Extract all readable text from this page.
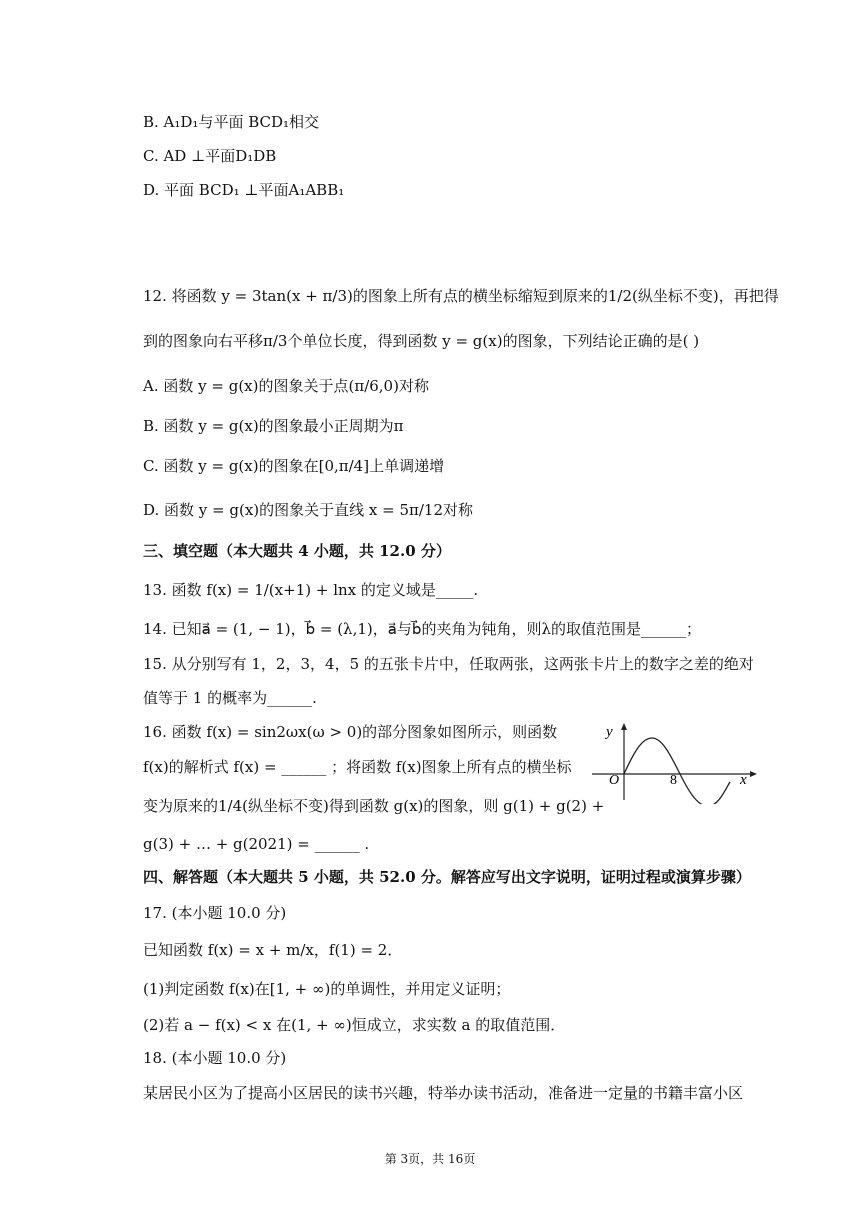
B. A₁D₁与平面 BCD₁相交
C. AD ⊥平面D₁DB
D. 平面 BCD₁ ⊥平面A₁ABB₁
12. 将函数 y = 3tan(x + π/3)的图象上所有点的横坐标缩短到原来的1/2(纵坐标不变)，再把得
到的图象向右平移π/3个单位长度，得到函数 y = g(x)的图象，下列结论正确的是( )
A. 函数 y = g(x)的图象关于点(π/6,0)对称
B. 函数 y = g(x)的图象最小正周期为π
C. 函数 y = g(x)的图象在[0,π/4]上单调递增
D. 函数 y = g(x)的图象关于直线 x = 5π/12对称
三、填空题（本大题共 4 小题，共 12.0 分）
13. 函数 f(x) = 1/(x+1) + lnx 的定义域是_____.
14. 已知a⃗ = (1, − 1)，b⃗ = (λ,1)，a⃗与b⃗的夹角为钝角，则λ的取值范围是______；
15. 从分别写有 1，2，3，4，5 的五张卡片中，任取两张，这两张卡片上的数字之差的绝对
值等于 1 的概率为______.
16. 函数 f(x) = sin2ωx(ω > 0)的部分图象如图所示，则函数
f(x)的解析式 f(x) = ______ ；将函数 f(x)图象上所有点的横坐标
变为原来的1/4(纵坐标不变)得到函数 g(x)的图象，则 g(1) + g(2) +
g(3) + … + g(2021) = ______ .
四、解答题（本大题共 5 小题，共 52.0 分。解答应写出文字说明，证明过程或演算步骤）
17. (本小题 10.0 分)
已知函数 f(x) = x + m/x，f(1) = 2．
(1)判定函数 f(x)在[1, + ∞)的单调性，并用定义证明；
(2)若 a − f(x) < x 在(1, + ∞)恒成立，求实数 a 的取值范围．
18. (本小题 10.0 分)
某居民小区为了提高小区居民的读书兴趣，特举办读书活动，准备进一定量的书籍丰富小区
y
x
O	8
第 3页，共 16页
